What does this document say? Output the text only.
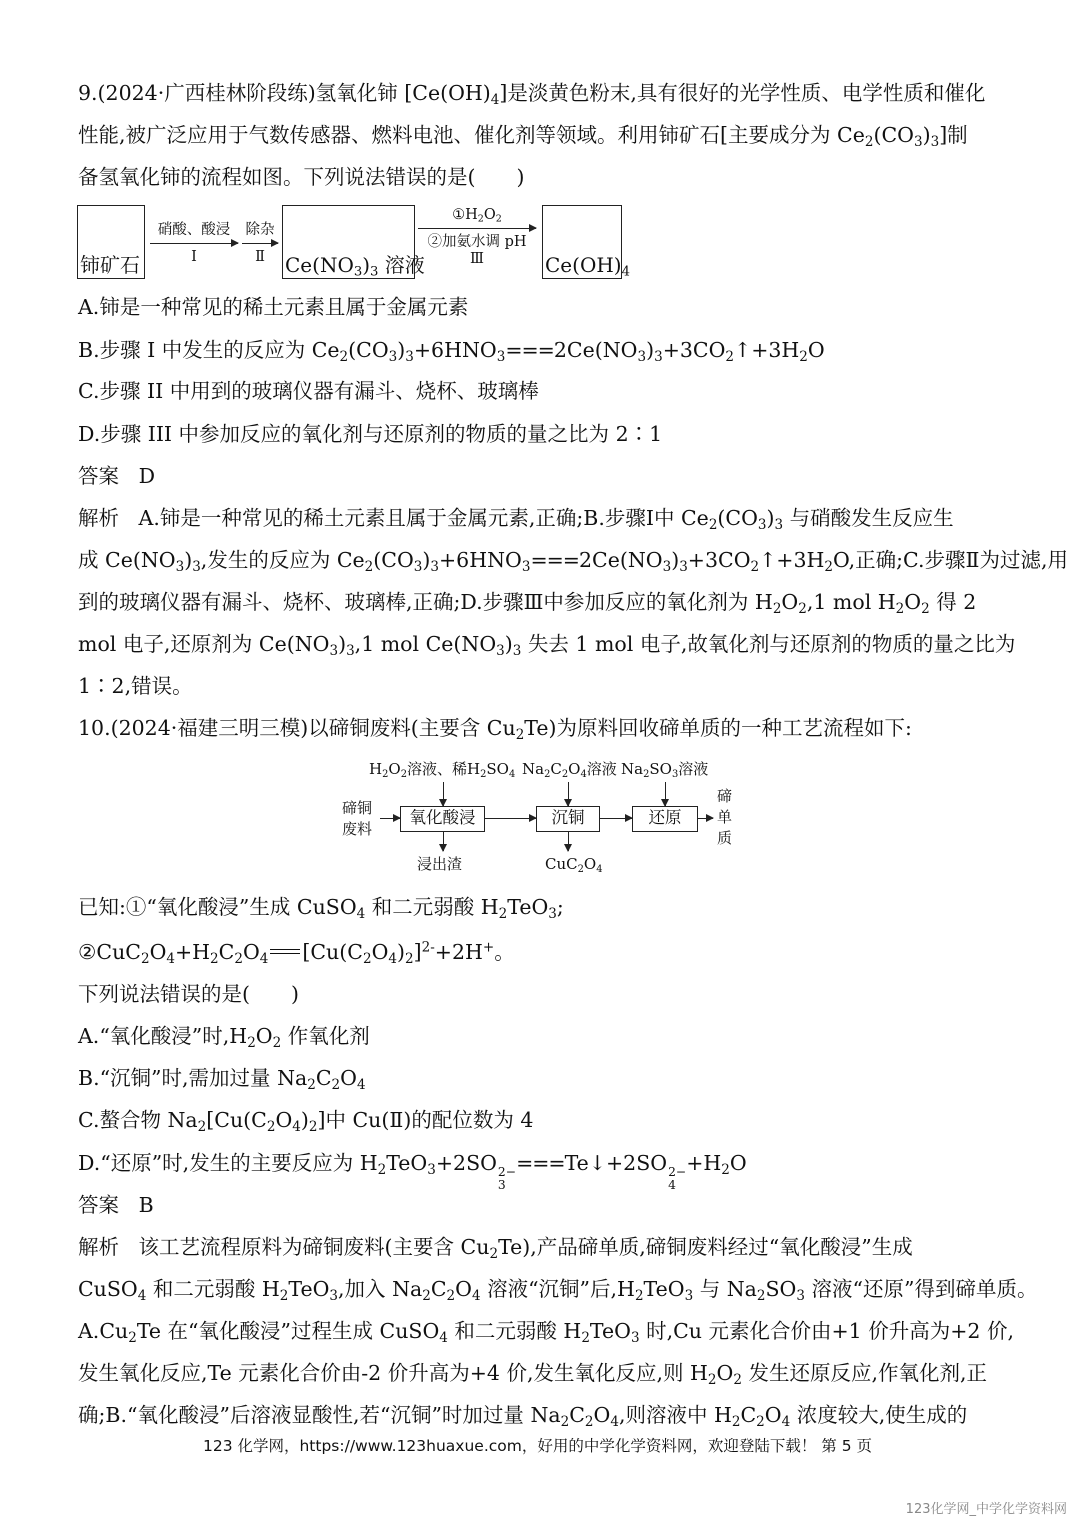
9.(2024·广西桂林阶段练)氢氧化铈 $[Ce(OH)_4]$是淡黄色粉末,具有很好的光学性质、电学性质和催化
性能,被广泛应用于气数传感器、燃料电池、催化剂等领域。利用铈矿石[主要成分为 $Ce_2(CO_3)_3$]制
备氢氧化铈的流程如图。下列说法错误的是(　　)
铈矿石
硝酸、酸浸
Ⅰ
除杂
Ⅱ	$Ce(NO_3)_3$ 溶液
$①H_2O_2$
②加氨水调 pH
Ⅲ	$Ce(OH)_4$
A.铈是一种常见的稀土元素且属于金属元素
B.步骤 Ⅰ 中发生的反应为 $Ce_2(CO_3)_3+6HNO_3===2Ce(NO_3)_3+3CO_2↑+3H_2O$
C.步骤 II 中用到的玻璃仪器有漏斗、烧杯、玻璃棒
D.步骤 III 中参加反应的氧化剂与还原剂的物质的量之比为 2∶1
答案 D
解析   A.铈是一种常见的稀土元素且属于金属元素,正确;B.步骤Ⅰ中 $Ce_2(CO_3)_3$ 与硝酸发生反应生
成 $Ce(NO_3)_3$,发生的反应为 $Ce_2(CO_3)_3+6HNO_3===2Ce(NO_3)_3+3CO_2↑+3H_2O$,正确;C.步骤Ⅱ为过滤,用
到的玻璃仪器有漏斗、烧杯、玻璃棒,正确;D.步骤Ⅲ中参加反应的氧化剂为 $H_2O_2,1$ mol $H_2O_2$ 得 2
mol 电子,还原剂为 $Ce(NO_3)_3,1$ mol $Ce(NO_3)_3$ 失去 1 mol 电子,故氧化剂与还原剂的物质的量之比为
1∶2,错误。
10.(2024·福建三明三模)以碲铜废料(主要含 $Cu_2Te$)为原料回收碲单质的一种工艺流程如下:
$H_2O_2$溶液、稀$H_2SO_4$ $Na_2C_2O_4$溶液 $Na_2SO_3$溶液
碲铜
废料
氧化酸浸	沉铜	还原
碲
单
质
浸出渣	$CuC_2O_4$
已知:①“氧化酸浸”生成 CuSO$_4$ 和二元弱酸 $H_2TeO_3$;
$②CuC_2O_4+H_2C_2O_4$ $[Cu(C_2O_4)_2]^{2-}+2H^+$。
下列说法错误的是(　　)
A.“氧化酸浸”时$,H_2O_2$ 作氧化剂
B.“沉铜”时,需加过量 $Na_2C_2O_4$
C.螯合物 $Na_2[Cu(C_2O_4)_2]$中 Cu(Ⅱ)的配位数为 4
D.“还原”时,发生的主要反应为 $H_2TeO_3+2SO$ 2−
3
===Te↓+2SO 2−
4
$+H_2O$
答案 B
解析   该工艺流程原料为碲铜废料(主要含 $Cu_2Te$),产品碲单质,碲铜废料经过“氧化酸浸”生成
CuSO$_4$ 和二元弱酸 $H_2TeO_3$,加入 $Na_2C_2O_4$ 溶液“沉铜”后$,H_2TeO_3$ 与 $Na_2SO_3$ 溶液“还原”得到碲单质。
$A.Cu_2Te$ 在“氧化酸浸”过程生成 CuSO$_4$ 和二元弱酸 $H_2TeO_3$ 时,Cu 元素化合价由+1 价升高为+2 价,
发生氧化反应,Te 元素化合价由-2 价升高为+4 价,发生氧化反应,则 $H_2O_2$ 发生还原反应,作氧化剂,正
确;B.“氧化酸浸”后溶液显酸性,若“沉铜”时加过量 $Na_2C_2O_4$,则溶液中 $H_2C_2O_4$ 浓度较大,使生成的
123 化学网，https://www.123huaxue.com，好用的中学化学资料网，欢迎登陆下载！ 第 5 页
123化学网_中学化学资料网
